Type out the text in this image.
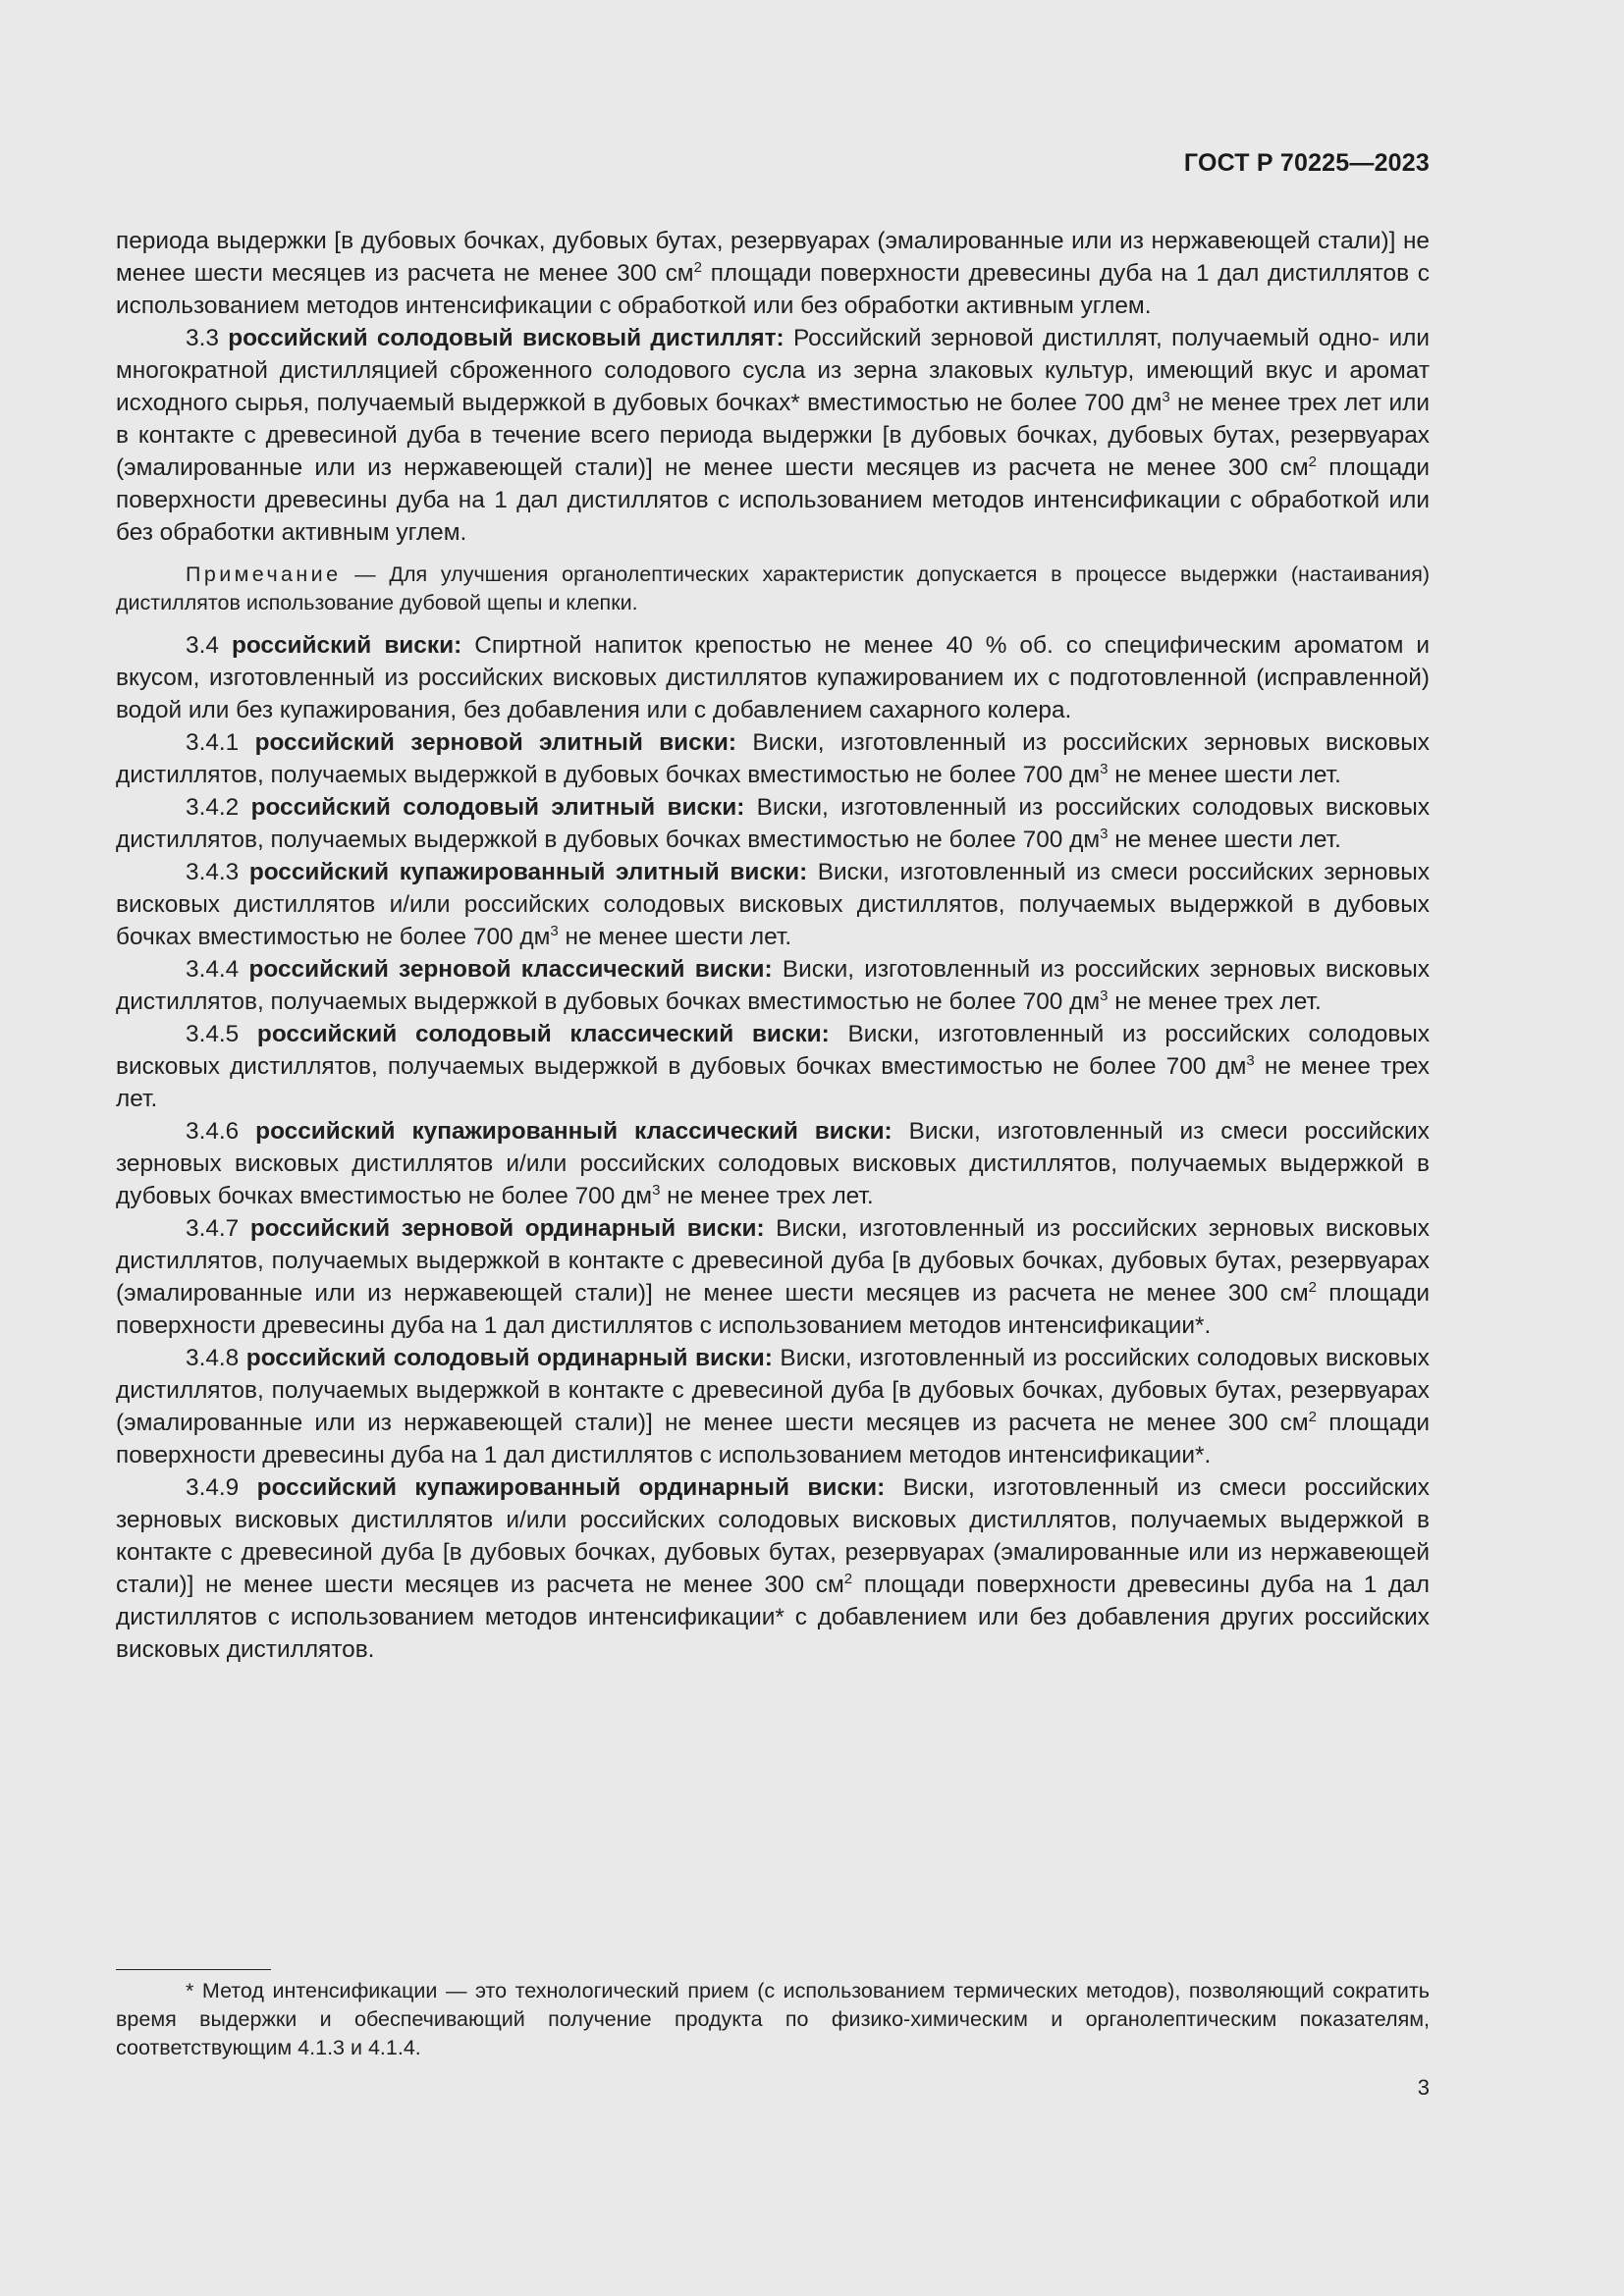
ГОСТ Р 70225—2023

периода выдержки [в дубовых бочках, дубовых бутах, резервуарах (эмалированные или из нержавеющей стали)] не менее шести месяцев из расчета не менее 300 $см^2$ площади поверхности древесины дуба на 1 дал дистиллятов с использованием методов интенсификации с обработкой или без обработки активным углем.

3.3 российский солодовый висковый дистиллят: Российский зерновой дистиллят, получаемый одно- или многократной дистилляцией сброженного солодового сусла из зерна злаковых культур, имеющий вкус и аромат исходного сырья, получаемый выдержкой в дубовых бочках* вместимостью не более 700 $дм^3$ не менее трех лет или в контакте с древесиной дуба в течение всего периода выдержки [в дубовых бочках, дубовых бутах, резервуарах (эмалированные или из нержавеющей стали)] не менее шести месяцев из расчета не менее 300 $см^2$ площади поверхности древесины дуба на 1 дал дистиллятов с использованием методов интенсификации с обработкой или без обработки активным углем.

Примечание — Для улучшения органолептических характеристик допускается в процессе выдержки (настаивания) дистиллятов использование дубовой щепы и клепки.

3.4 российский виски: Спиртной напиток крепостью не менее 40 % об. со специфическим ароматом и вкусом, изготовленный из российских висковых дистиллятов купажированием их с подготовленной (исправленной) водой или без купажирования, без добавления или с добавлением сахарного колера.

3.4.1 российский зерновой элитный виски: Виски, изготовленный из российских зерновых висковых дистиллятов, получаемых выдержкой в дубовых бочках вместимостью не более 700 $дм^3$ не менее шести лет.

3.4.2 российский солодовый элитный виски: Виски, изготовленный из российских солодовых висковых дистиллятов, получаемых выдержкой в дубовых бочках вместимостью не более 700 $дм^3$ не менее шести лет.

3.4.3 российский купажированный элитный виски: Виски, изготовленный из смеси российских зерновых висковых дистиллятов и/или российских солодовых висковых дистиллятов, получаемых выдержкой в дубовых бочках вместимостью не более 700 $дм^3$ не менее шести лет.

3.4.4 российский зерновой классический виски: Виски, изготовленный из российских зерновых висковых дистиллятов, получаемых выдержкой в дубовых бочках вместимостью не более 700 $дм^3$ не менее трех лет.

3.4.5 российский солодовый классический виски: Виски, изготовленный из российских солодовых висковых дистиллятов, получаемых выдержкой в дубовых бочках вместимостью не более 700 $дм^3$ не менее трех лет.

3.4.6 российский купажированный классический виски: Виски, изготовленный из смеси российских зерновых висковых дистиллятов и/или российских солодовых висковых дистиллятов, получаемых выдержкой в дубовых бочках вместимостью не более 700 $дм^3$ не менее трех лет.

3.4.7 российский зерновой ординарный виски: Виски, изготовленный из российских зерновых висковых дистиллятов, получаемых выдержкой в контакте с древесиной дуба [в дубовых бочках, дубовых бутах, резервуарах (эмалированные или из нержавеющей стали)] не менее шести месяцев из расчета не менее 300 $см^2$ площади поверхности древесины дуба на 1 дал дистиллятов с использованием методов интенсификации*.

3.4.8 российский солодовый ординарный виски: Виски, изготовленный из российских солодовых висковых дистиллятов, получаемых выдержкой в контакте с древесиной дуба [в дубовых бочках, дубовых бутах, резервуарах (эмалированные или из нержавеющей стали)] не менее шести месяцев из расчета не менее 300 $см^2$ площади поверхности древесины дуба на 1 дал дистиллятов с использованием методов интенсификации*.

3.4.9 российский купажированный ординарный виски: Виски, изготовленный из смеси российских зерновых висковых дистиллятов и/или российских солодовых висковых дистиллятов, получаемых выдержкой в контакте с древесиной дуба [в дубовых бочках, дубовых бутах, резервуарах (эмалированные или из нержавеющей стали)] не менее шести месяцев из расчета не менее 300 $см^2$ площади поверхности древесины дуба на 1 дал дистиллятов с использованием методов интенсификации* с добавлением или без добавления других российских висковых дистиллятов.

* Метод интенсификации — это технологический прием (с использованием термических методов), позволяющий сократить время выдержки и обеспечивающий получение продукта по физико-химическим и органолептическим показателям, соответствующим 4.1.3 и 4.1.4.

3
